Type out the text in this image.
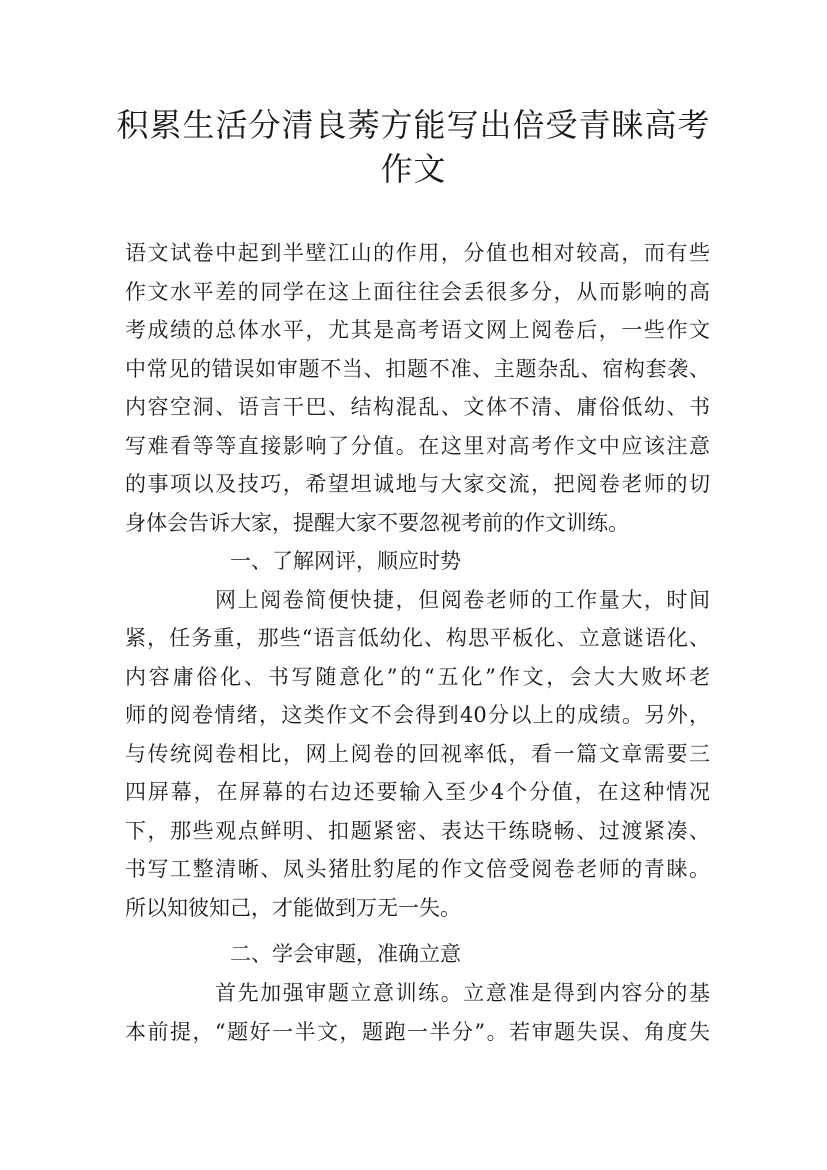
积累生活分清良莠方能写出倍受青睐高考
作文
语文试卷中起到半壁江山的作用，分值也相对较高，而有些
作文水平差的同学在这上面往往会丢很多分，从而影响的高
考成绩的总体水平，尤其是高考语文网上阅卷后，一些作文
中常见的错误如审题不当、扣题不准、主题杂乱、宿构套袭、
内容空洞、语言干巴、结构混乱、文体不清、庸俗低幼、书
写难看等等直接影响了分值。在这里对高考作文中应该注意
的事项以及技巧，希望坦诚地与大家交流，把阅卷老师的切
身体会告诉大家，提醒大家不要忽视考前的作文训练。
一、了解网评，顺应时势
网上阅卷简便快捷，但阅卷老师的工作量大，时间
紧，任务重，那些“语言低幼化、构思平板化、立意谜语化、
内容庸俗化、书写随意化”的“五化”作文，会大大败坏老
师的阅卷情绪，这类作文不会得到40分以上的成绩。另外，
与传统阅卷相比，网上阅卷的回视率低，看一篇文章需要三
四屏幕，在屏幕的右边还要输入至少4个分值，在这种情况
下，那些观点鲜明、扣题紧密、表达干练晓畅、过渡紧凑、
书写工整清晰、凤头猪肚豹尾的作文倍受阅卷老师的青睐。
所以知彼知己，才能做到万无一失。
二、学会审题，准确立意
首先加强审题立意训练。立意准是得到内容分的基
本前提，“题好一半文，题跑一半分”。若审题失误、角度失
